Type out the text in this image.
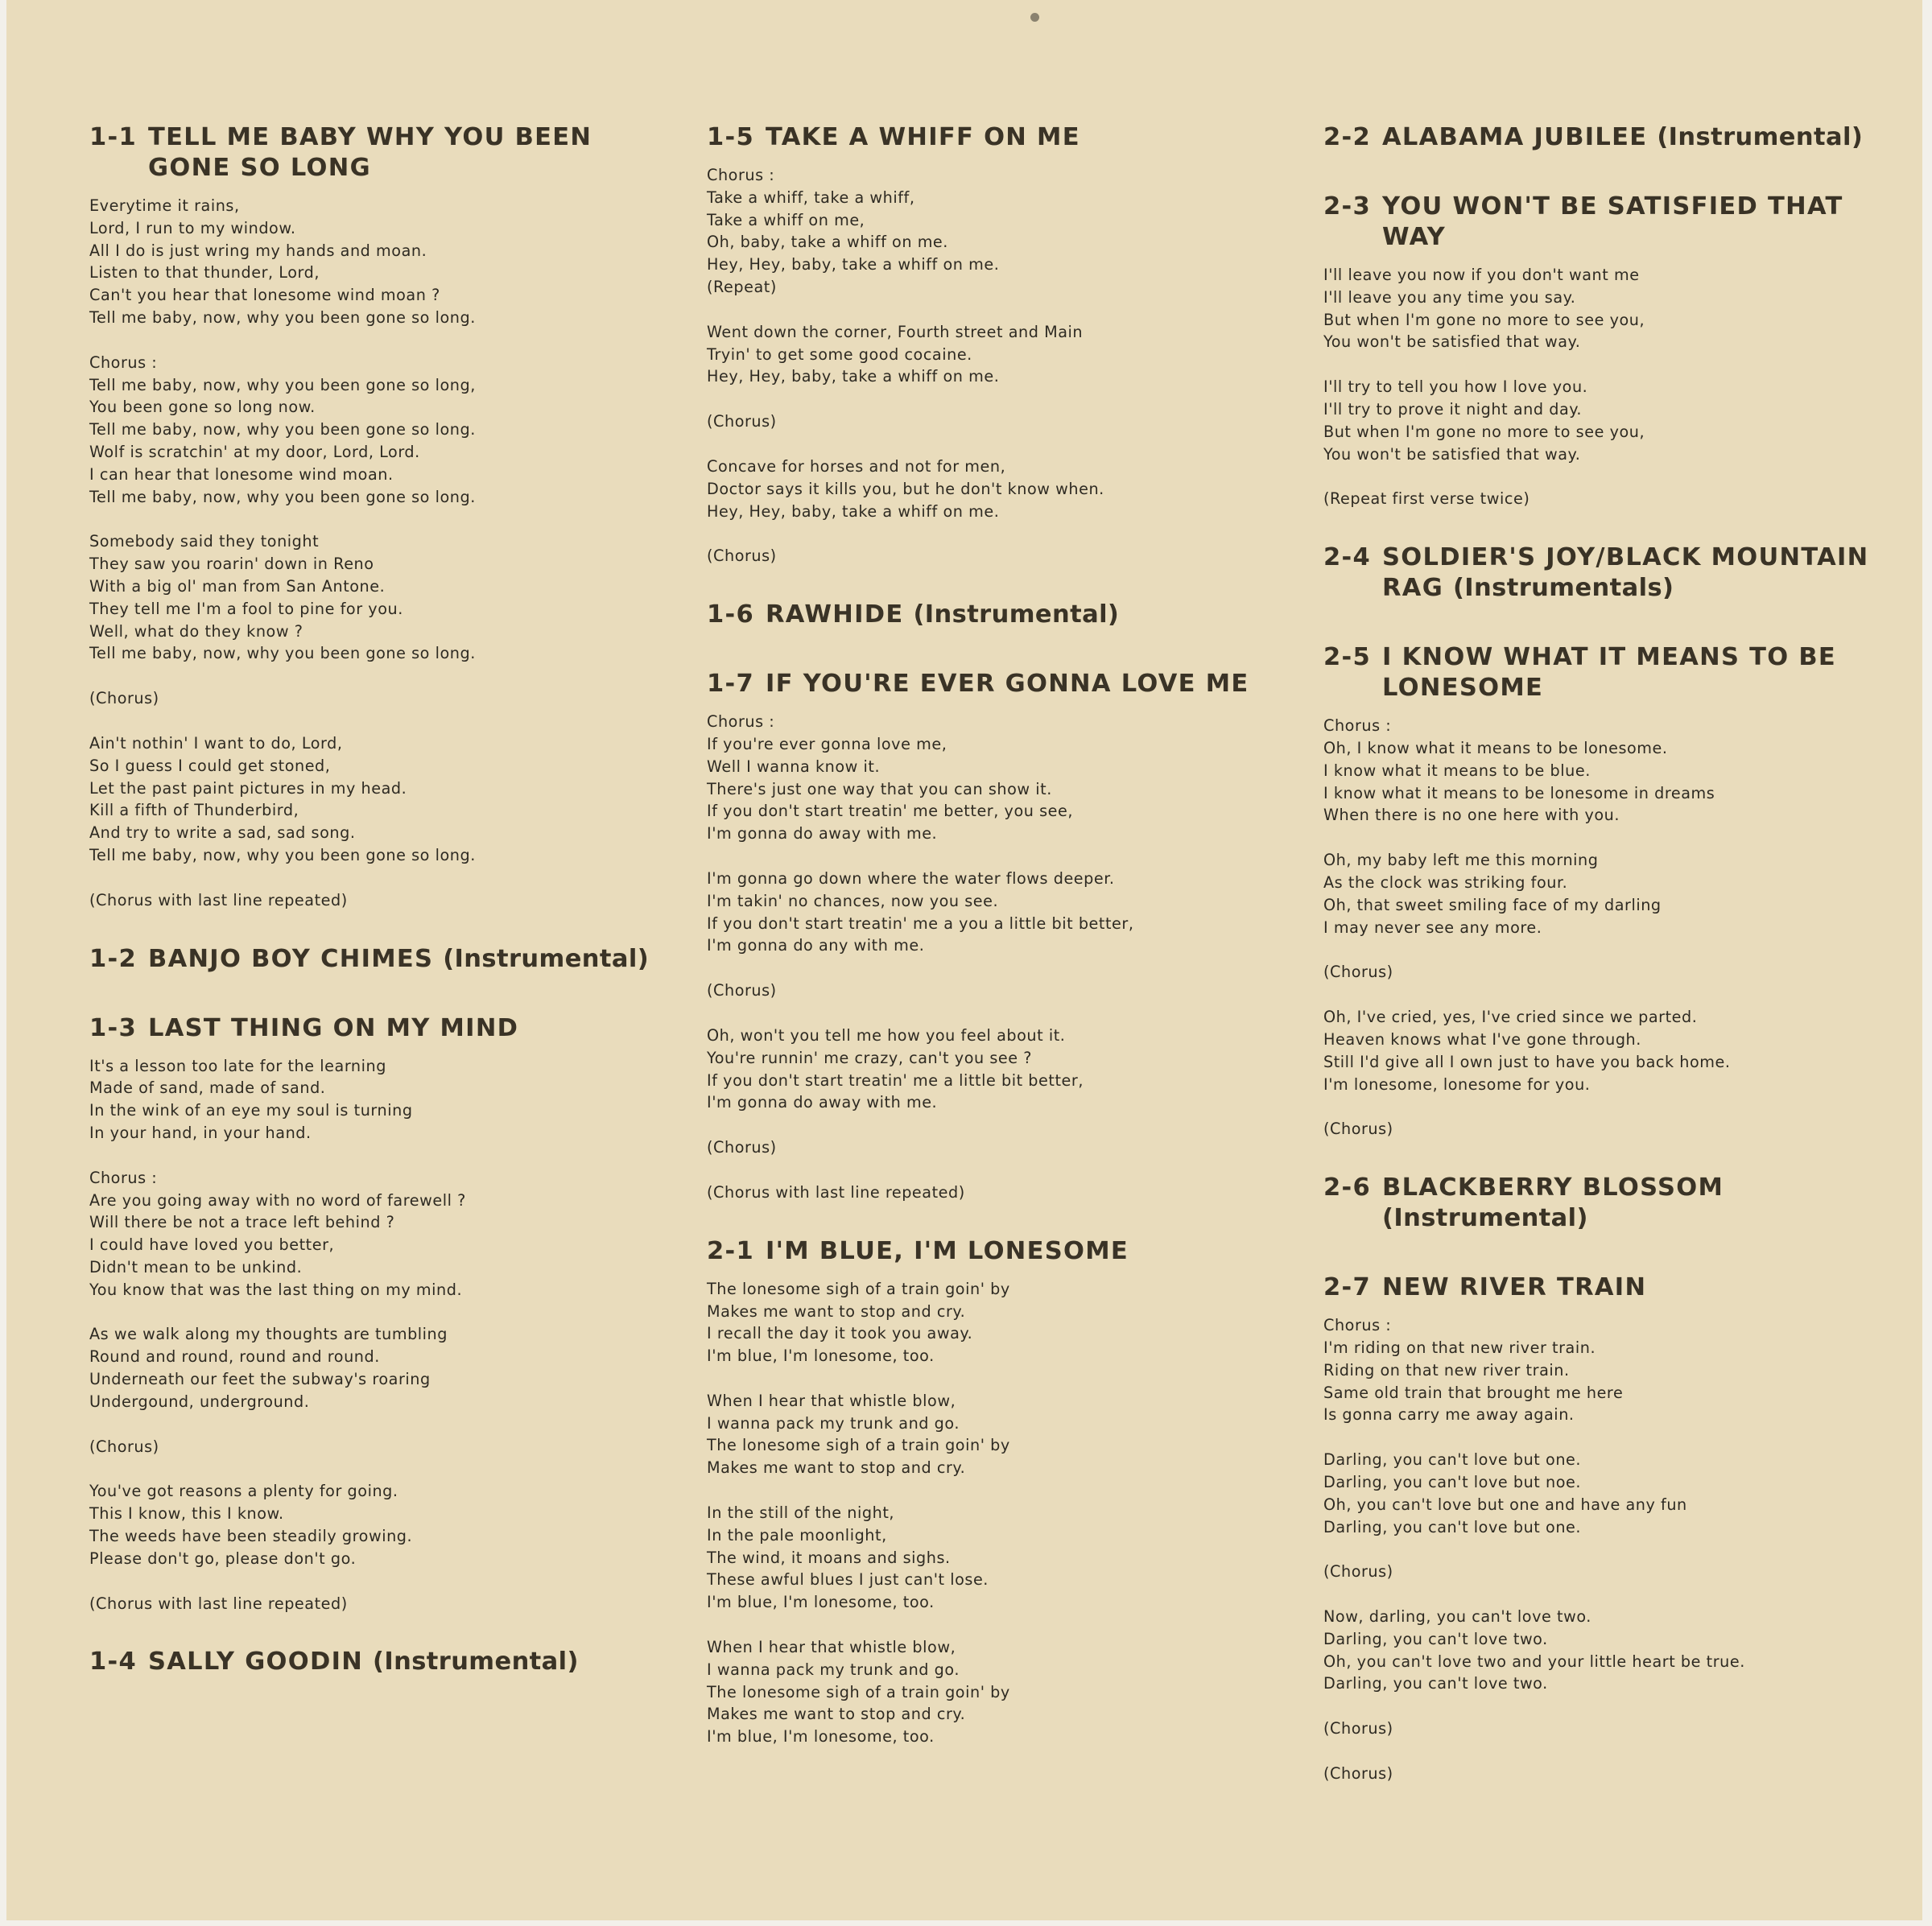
1-1 TELL ME BABY WHY YOU BEEN GONE SO LONG
Everytime it rains,
Lord, I run to my window.
All I do is just wring my hands and moan.
Listen to that thunder, Lord,
Can't you hear that lonesome wind moan ?
Tell me baby, now, why you been gone so long.
Chorus :
Tell me baby, now, why you been gone so long,
You been gone so long now.
Tell me baby, now, why you been gone so long.
Wolf is scratchin' at my door, Lord, Lord.
I can hear that lonesome wind moan.
Tell me baby, now, why you been gone so long.
Somebody said they tonight
They saw you roarin' down in Reno
With a big ol' man from San Antone.
They tell me I'm a fool to pine for you.
Well, what do they know ?
Tell me baby, now, why you been gone so long.
(Chorus)
Ain't nothin' I want to do, Lord,
So I guess I could get stoned,
Let the past paint pictures in my head.
Kill a fifth of Thunderbird,
And try to write a sad, sad song.
Tell me baby, now, why you been gone so long.
(Chorus with last line repeated)
1-2 BANJO BOY CHIMES (Instrumental)
1-3 LAST THING ON MY MIND
It's a lesson too late for the learning
Made of sand, made of sand.
In the wink of an eye my soul is turning
In your hand, in your hand.
Chorus :
Are you going away with no word of farewell ?
Will there be not a trace left behind ?
I could have loved you better,
Didn't mean to be unkind.
You know that was the last thing on my mind.
As we walk along my thoughts are tumbling
Round and round, round and round.
Underneath our feet the subway's roaring
Undergound, underground.
(Chorus)
You've got reasons a plenty for going.
This I know, this I know.
The weeds have been steadily growing.
Please don't go, please don't go.
(Chorus with last line repeated)
1-4 SALLY GOODIN (Instrumental)
1-5 TAKE A WHIFF ON ME
Chorus :
Take a whiff, take a whiff,
Take a whiff on me,
Oh, baby, take a whiff on me.
Hey, Hey, baby, take a whiff on me.
(Repeat)
Went down the corner, Fourth street and Main
Tryin' to get some good cocaine.
Hey, Hey, baby, take a whiff on me.
(Chorus)
Concave for horses and not for men,
Doctor says it kills you, but he don't know when.
Hey, Hey, baby, take a whiff on me.
(Chorus)
1-6 RAWHIDE (Instrumental)
1-7 IF YOU'RE EVER GONNA LOVE ME
Chorus :
If you're ever gonna love me,
Well I wanna know it.
There's just one way that you can show it.
If you don't start treatin' me better, you see,
I'm gonna do away with me.
I'm gonna go down where the water flows deeper.
I'm takin' no chances, now you see.
If you don't start treatin' me a you a little bit better,
I'm gonna do any with me.
(Chorus)
Oh, won't you tell me how you feel about it.
You're runnin' me crazy, can't you see ?
If you don't start treatin' me a little bit better,
I'm gonna do away with me.
(Chorus)
(Chorus with last line repeated)
2-1 I'M BLUE, I'M LONESOME
The lonesome sigh of a train goin' by
Makes me want to stop and cry.
I recall the day it took you away.
I'm blue, I'm lonesome, too.
When I hear that whistle blow,
I wanna pack my trunk and go.
The lonesome sigh of a train goin' by
Makes me want to stop and cry.
In the still of the night,
In the pale moonlight,
The wind, it moans and sighs.
These awful blues I just can't lose.
I'm blue, I'm lonesome, too.
When I hear that whistle blow,
I wanna pack my trunk and go.
The lonesome sigh of a train goin' by
Makes me want to stop and cry.
I'm blue, I'm lonesome, too.
2-2 ALABAMA JUBILEE (Instrumental)
2-3 YOU WON'T BE SATISFIED THAT WAY
I'll leave you now if you don't want me
I'll leave you any time you say.
But when I'm gone no more to see you,
You won't be satisfied that way.
I'll try to tell you how I love you.
I'll try to prove it night and day.
But when I'm gone no more to see you,
You won't be satisfied that way.
(Repeat first verse twice)
2-4 SOLDIER'S JOY/BLACK MOUNTAIN RAG (Instrumentals)
2-5 I KNOW WHAT IT MEANS TO BE LONESOME
Chorus :
Oh, I know what it means to be lonesome.
I know what it means to be blue.
I know what it means to be lonesome in dreams
When there is no one here with you.
Oh, my baby left me this morning
As the clock was striking four.
Oh, that sweet smiling face of my darling
I may never see any more.
(Chorus)
Oh, I've cried, yes, I've cried since we parted.
Heaven knows what I've gone through.
Still I'd give all I own just to have you back home.
I'm lonesome, lonesome for you.
(Chorus)
2-6 BLACKBERRY BLOSSOM (Instrumental)
2-7 NEW RIVER TRAIN
Chorus :
I'm riding on that new river train.
Riding on that new river train.
Same old train that brought me here
Is gonna carry me away again.
Darling, you can't love but one.
Darling, you can't love but noe.
Oh, you can't love but one and have any fun
Darling, you can't love but one.
(Chorus)
Now, darling, you can't love two.
Darling, you can't love two.
Oh, you can't love two and your little heart be true.
Darling, you can't love two.
(Chorus)
(Chorus)
